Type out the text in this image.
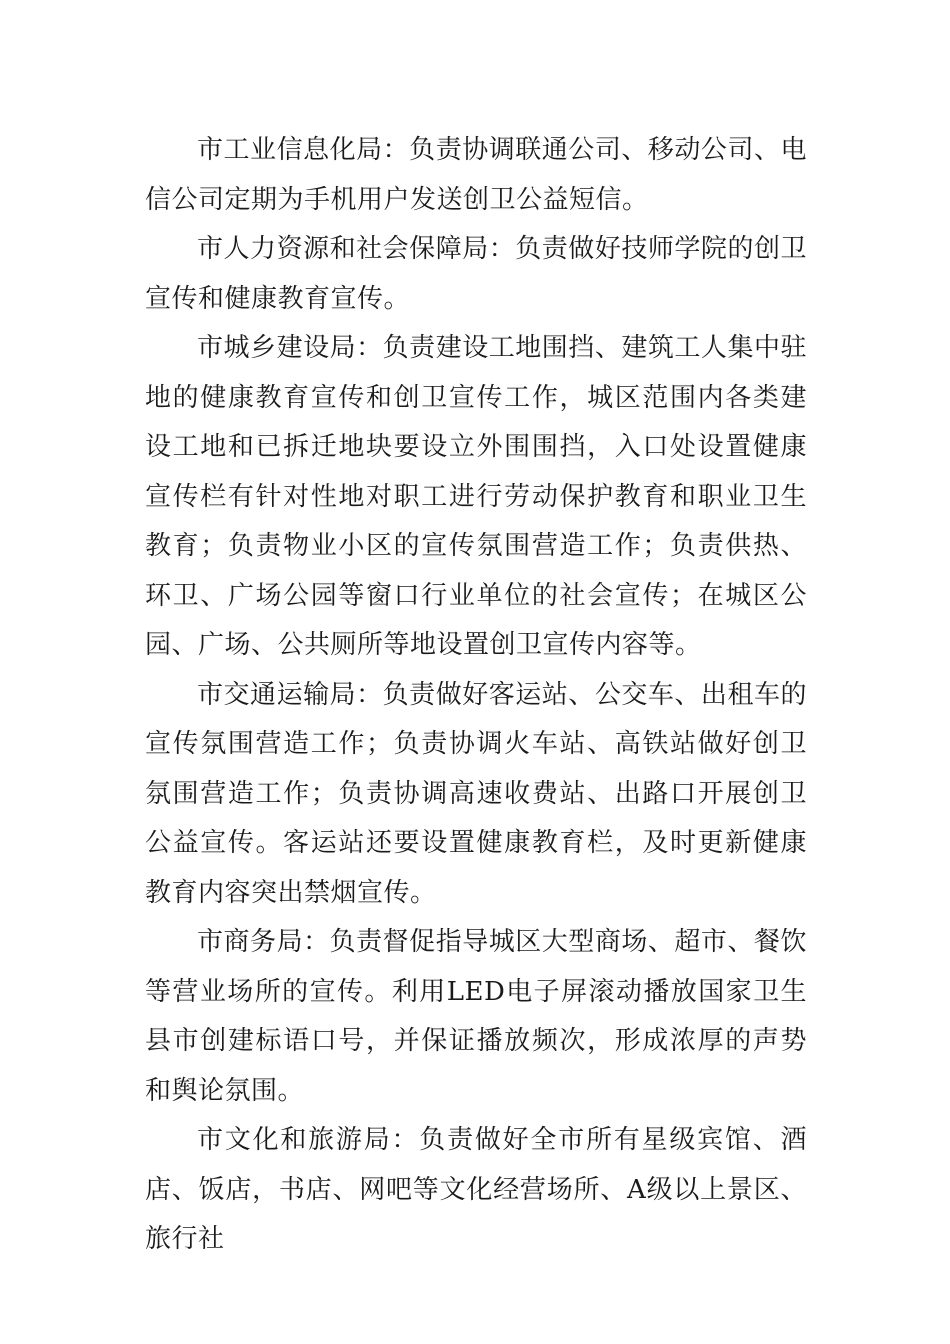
市工业信息化局：负责协调联通公司、移动公司、电信公司定期为手机用户发送创卫公益短信。

市人力资源和社会保障局：负责做好技师学院的创卫宣传和健康教育宣传。

市城乡建设局：负责建设工地围挡、建筑工人集中驻地的健康教育宣传和创卫宣传工作，城区范围内各类建设工地和已拆迁地块要设立外围围挡，入口处设置健康宣传栏有针对性地对职工进行劳动保护教育和职业卫生教育；负责物业小区的宣传氛围营造工作；负责供热、环卫、广场公园等窗口行业单位的社会宣传；在城区公园、广场、公共厕所等地设置创卫宣传内容等。

市交通运输局：负责做好客运站、公交车、出租车的宣传氛围营造工作；负责协调火车站、高铁站做好创卫氛围营造工作；负责协调高速收费站、出路口开展创卫公益宣传。客运站还要设置健康教育栏，及时更新健康教育内容突出禁烟宣传。

市商务局：负责督促指导城区大型商场、超市、餐饮等营业场所的宣传。利用LED电子屏滚动播放国家卫生县市创建标语口号，并保证播放频次，形成浓厚的声势和舆论氛围。

市文化和旅游局：负责做好全市所有星级宾馆、酒店、饭店，书店、网吧等文化经营场所、A级以上景区、旅行社
